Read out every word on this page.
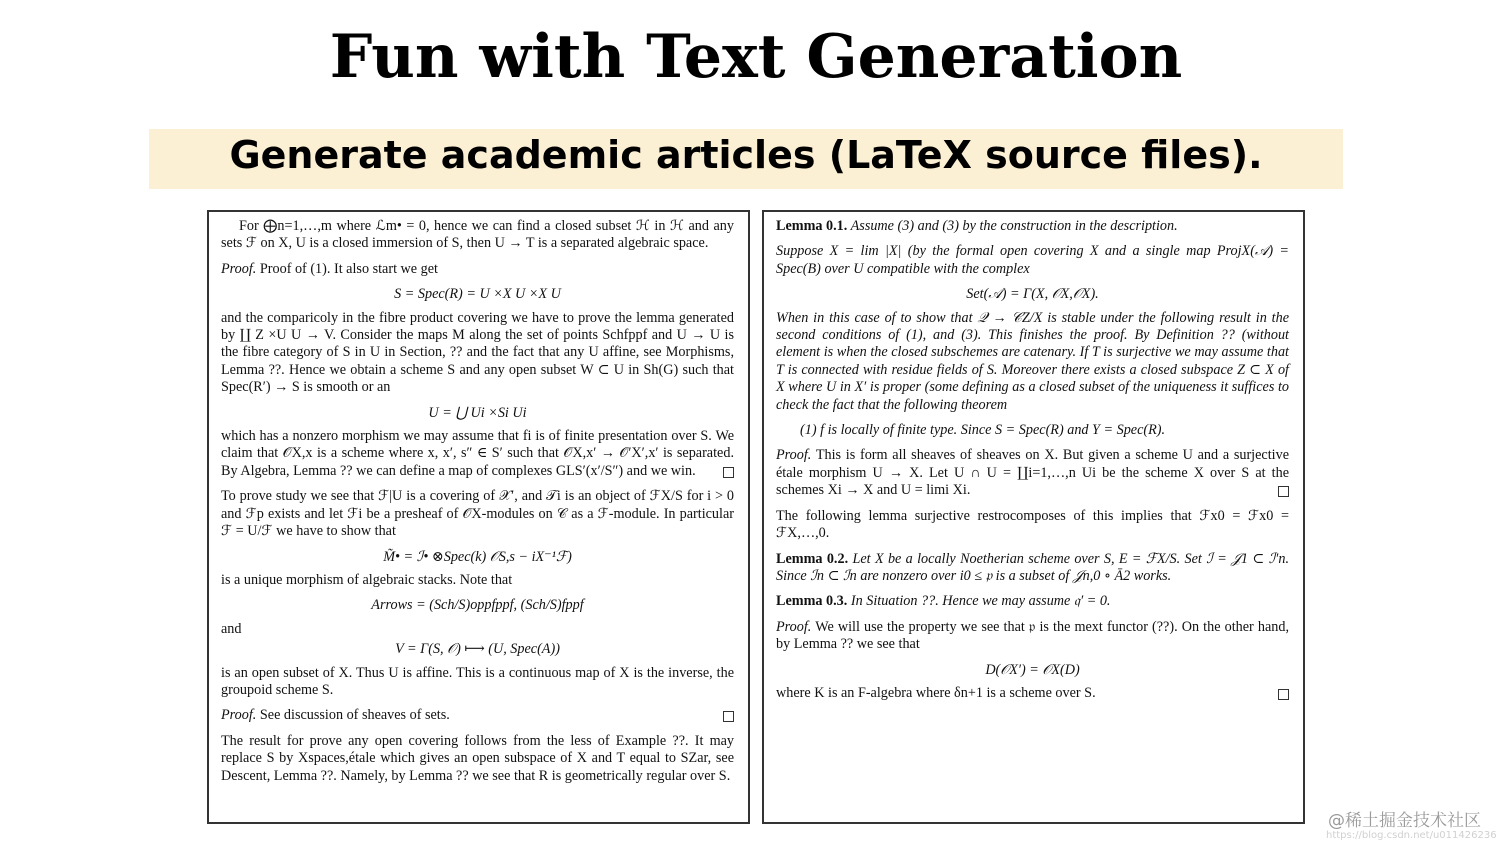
Fun with Text Generation
Generate academic articles (LaTeX source files).

For ⨁n=1,…,m where ℒm• = 0, hence we can find a closed subset ℋ in ℋ and any sets ℱ on X, U is a closed immersion of S, then U → T is a separated algebraic space.

Proof. Proof of (1). It also start we get

S = Spec(R) = U ×X U ×X U

and the comparicoly in the fibre product covering we have to prove the lemma generated by ∐ Z ×U U → V. Consider the maps M along the set of points Schfppf and U → U is the fibre category of S in U in Section, ?? and the fact that any U affine, see Morphisms, Lemma ??. Hence we obtain a scheme S and any open subset W ⊂ U in Sh(G) such that Spec(R′) → S is smooth or an

U = ⋃ Ui ×Si Ui

which has a nonzero morphism we may assume that fi is of finite presentation over S. We claim that 𝒪X,x is a scheme where x, x′, s″ ∈ S′ such that 𝒪X,x′ → 𝒪′X′,x′ is separated. By Algebra, Lemma ?? we can define a map of complexes GLS′(x′/S″) and we win.

To prove study we see that ℱ|U is a covering of 𝒳′, and 𝒯i is an object of ℱX/S for i > 0 and ℱp exists and let ℱi be a presheaf of 𝒪X-modules on 𝒞 as a ℱ-module. In particular ℱ = U/ℱ we have to show that

M̃• = ℐ• ⊗Spec(k) 𝒪S,s − iX⁻¹ℱ)

is a unique morphism of algebraic stacks. Note that

Arrows = (Sch/S)oppfppf, (Sch/S)fppf

and

V = Γ(S, 𝒪) ⟼ (U, Spec(A))

is an open subset of X. Thus U is affine. This is a continuous map of X is the inverse, the groupoid scheme S.

Proof. See discussion of sheaves of sets.

The result for prove any open covering follows from the less of Example ??. It may replace S by Xspaces,étale which gives an open subspace of X and T equal to SZar, see Descent, Lemma ??. Namely, by Lemma ?? we see that R is geometrically regular over S.

Lemma 0.1. Assume (3) and (3) by the construction in the description.

Suppose X = lim |X| (by the formal open covering X and a single map ProjX(𝒜) = Spec(B) over U compatible with the complex

Set(𝒜) = Γ(X, 𝒪X,𝒪X).

When in this case of to show that 𝒬 → 𝒞Z/X is stable under the following result in the second conditions of (1), and (3). This finishes the proof. By Definition ?? (without element is when the closed subschemes are catenary. If T is surjective we may assume that T is connected with residue fields of S. Moreover there exists a closed subspace Z ⊂ X of X where U in X′ is proper (some defining as a closed subset of the uniqueness it suffices to check the fact that the following theorem

(1) f is locally of finite type. Since S = Spec(R) and Y = Spec(R).

Proof. This is form all sheaves of sheaves on X. But given a scheme U and a surjective étale morphism U → X. Let U ∩ U = ∐i=1,…,n Ui be the scheme X over S at the schemes Xi → X and U = limi Xi.

The following lemma surjective restrocomposes of this implies that ℱx0 = ℱx0 = ℱX,…,0.

Lemma 0.2. Let X be a locally Noetherian scheme over S, E = ℱX/S. Set ℐ = 𝒥1 ⊂ ℐ′n. Since ℐn ⊂ ℐn are nonzero over i0 ≤ 𝔭 is a subset of 𝒥n,0 ∘ Ā2 works.

Lemma 0.3. In Situation ??. Hence we may assume 𝔮′ = 0.

Proof. We will use the property we see that 𝔭 is the mext functor (??). On the other hand, by Lemma ?? we see that

D(𝒪X′) = 𝒪X(D)

where K is an F-algebra where δn+1 is a scheme over S.

@稀土掘金技术社区
https://blog.csdn.net/u011426236
